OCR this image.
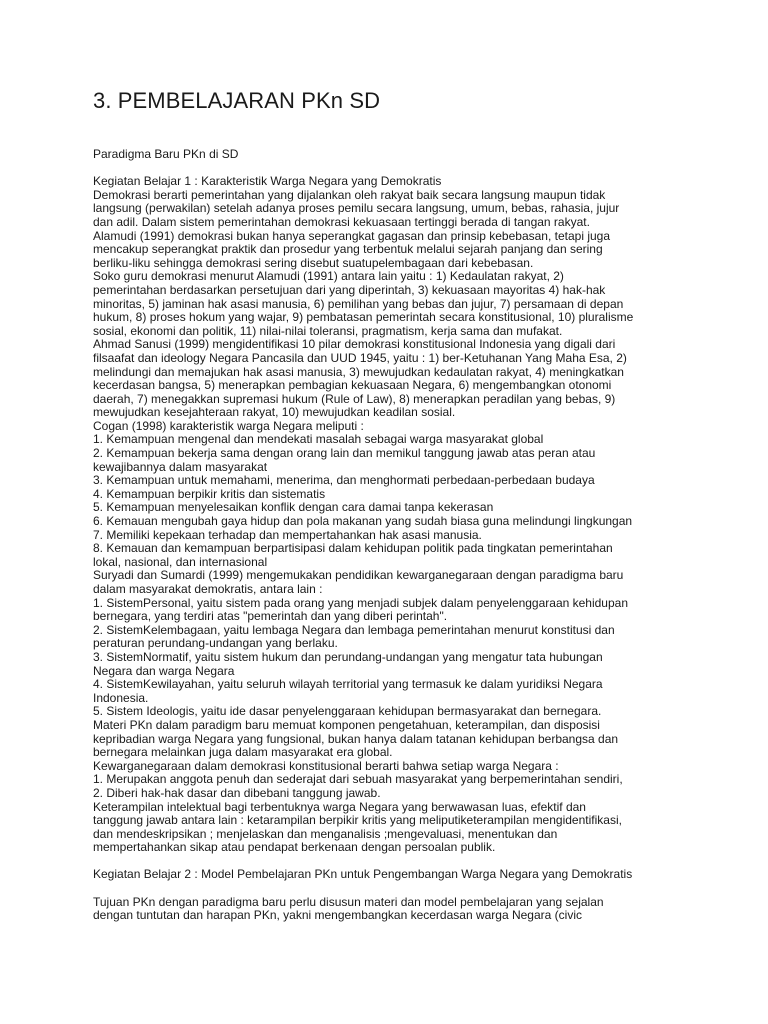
3. PEMBELAJARAN PKn SD
Paradigma Baru PKn di SD
Kegiatan Belajar 1 : Karakteristik Warga Negara yang Demokratis
Demokrasi berarti pemerintahan yang dijalankan oleh rakyat baik secara langsung maupun tidak
langsung (perwakilan) setelah adanya proses pemilu secara langsung, umum, bebas, rahasia, jujur
dan adil. Dalam sistem pemerintahan demokrasi kekuasaan tertinggi berada di tangan rakyat.
Alamudi (1991) demokrasi bukan hanya seperangkat gagasan dan prinsip kebebasan, tetapi juga
mencakup seperangkat praktik dan prosedur yang terbentuk melalui sejarah panjang dan sering
berliku-liku sehingga demokrasi sering disebut suatupelembagaan dari kebebasan.
Soko guru demokrasi menurut Alamudi (1991) antara lain yaitu : 1) Kedaulatan rakyat, 2)
pemerintahan berdasarkan persetujuan dari yang diperintah, 3) kekuasaan mayoritas 4) hak-hak
minoritas, 5) jaminan hak asasi manusia, 6) pemilihan yang bebas dan jujur, 7) persamaan di depan
hukum, 8) proses hokum yang wajar, 9) pembatasan pemerintah secara konstitusional, 10) pluralisme
sosial, ekonomi dan politik, 11) nilai-nilai toleransi, pragmatism, kerja sama dan mufakat.
Ahmad Sanusi (1999) mengidentifikasi 10 pilar demokrasi konstitusional Indonesia yang digali dari
filsaafat dan ideology Negara Pancasila dan UUD 1945, yaitu : 1) ber-Ketuhanan Yang Maha Esa, 2)
melindungi dan memajukan hak asasi manusia, 3) mewujudkan kedaulatan rakyat, 4) meningkatkan
kecerdasan bangsa, 5) menerapkan pembagian kekuasaan Negara, 6) mengembangkan otonomi
daerah, 7) menegakkan supremasi hukum (Rule of Law), 8) menerapkan peradilan yang bebas, 9)
mewujudkan kesejahteraan rakyat, 10) mewujudkan keadilan sosial.
Cogan (1998) karakteristik warga Negara meliputi :
1. Kemampuan mengenal dan mendekati masalah sebagai warga masyarakat global
2. Kemampuan bekerja sama dengan orang lain dan memikul tanggung jawab atas peran atau
kewajibannya dalam masyarakat
3. Kemampuan untuk memahami, menerima, dan menghormati perbedaan-perbedaan budaya
4. Kemampuan berpikir kritis dan sistematis
5. Kemampuan menyelesaikan konflik dengan cara damai tanpa kekerasan
6. Kemauan mengubah gaya hidup dan pola makanan yang sudah biasa guna melindungi lingkungan
7. Memiliki kepekaan terhadap dan mempertahankan hak asasi manusia.
8. Kemauan dan kemampuan berpartisipasi dalam kehidupan politik pada tingkatan pemerintahan
lokal, nasional, dan internasional
Suryadi dan Sumardi (1999) mengemukakan pendidikan kewarganegaraan dengan paradigma baru
dalam masyarakat demokratis, antara lain :
1. SistemPersonal, yaitu sistem pada orang yang menjadi subjek dalam penyelenggaraan kehidupan
bernegara, yang terdiri atas "pemerintah dan yang diberi perintah".
2. SistemKelembagaan, yaitu lembaga Negara dan lembaga pemerintahan menurut konstitusi dan
peraturan perundang-undangan yang berlaku.
3. SistemNormatif, yaitu sistem hukum dan perundang-undangan yang mengatur tata hubungan
Negara dan warga Negara
4. SistemKewilayahan, yaitu seluruh wilayah territorial yang termasuk ke dalam yuridiksi Negara
Indonesia.
5. Sistem Ideologis, yaitu ide dasar penyelenggaraan kehidupan bermasyarakat dan bernegara.
Materi PKn dalam paradigm baru memuat komponen pengetahuan, keterampilan, dan disposisi
kepribadian warga Negara yang fungsional, bukan hanya dalam tatanan kehidupan berbangsa dan
bernegara melainkan juga dalam masyarakat era global.
Kewarganegaraan dalam demokrasi konstitusional berarti bahwa setiap warga Negara :
1. Merupakan anggota penuh dan sederajat dari sebuah masyarakat yang berpemerintahan sendiri,
2. Diberi hak-hak dasar dan dibebani tanggung jawab.
Keterampilan intelektual bagi terbentuknya warga Negara yang berwawasan luas, efektif dan
tanggung jawab antara lain : ketarampilan berpikir kritis yang meliputiketerampilan mengidentifikasi,
dan mendeskripsikan ; menjelaskan dan menganalisis ;mengevaluasi, menentukan dan
mempertahankan sikap atau pendapat berkenaan dengan persoalan publik.
Kegiatan Belajar 2 : Model Pembelajaran PKn untuk Pengembangan Warga Negara yang Demokratis
Tujuan PKn dengan paradigma baru perlu disusun materi dan model pembelajaran yang sejalan
dengan tuntutan dan harapan PKn, yakni mengembangkan kecerdasan warga Negara (civic
